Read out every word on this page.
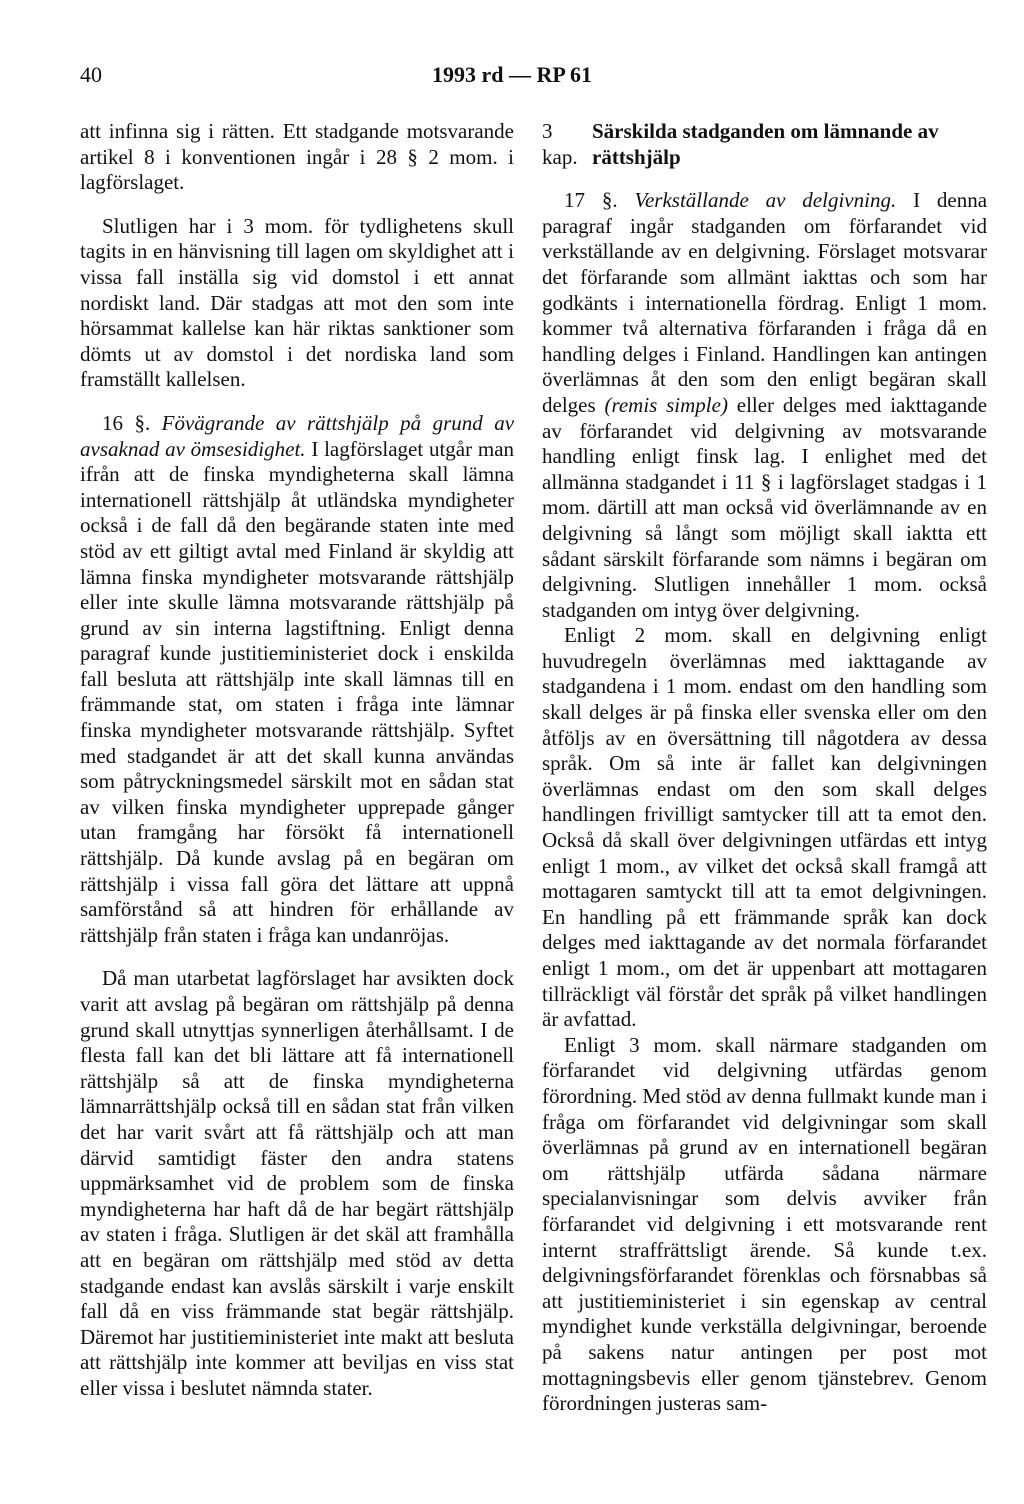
40	1993 rd — RP 61

att infinna sig i rätten. Ett stadgande motsvarande artikel 8 i konventionen ingår i 28 § 2 mom. i lagförslaget.

Slutligen har i 3 mom. för tydlighetens skull tagits in en hänvisning till lagen om skyldighet att i vissa fall inställa sig vid domstol i ett annat nordiskt land. Där stadgas att mot den som inte hörsammat kallelse kan här riktas sanktioner som dömts ut av domstol i det nordiska land som framställt kallelsen.

16 §. Fövägrande av rättshjälp på grund av avsaknad av ömsesidighet. I lagförslaget utgår man ifrån att de finska myndigheterna skall lämna internationell rättshjälp åt utländska myndigheter också i de fall då den begärande staten inte med stöd av ett giltigt avtal med Finland är skyldig att lämna finska myndigheter motsvarande rättshjälp eller inte skulle lämna motsvarande rättshjälp på grund av sin interna lagstiftning. Enligt denna paragraf kunde justitieministeriet dock i enskilda fall besluta att rättshjälp inte skall lämnas till en främmande stat, om staten i fråga inte lämnar finska myndigheter motsvarande rättshjälp. Syftet med stadgandet är att det skall kunna användas som påtryckningsmedel särskilt mot en sådan stat av vilken finska myndigheter upprepade gånger utan framgång har försökt få internationell rättshjälp. Då kunde avslag på en begäran om rättshjälp i vissa fall göra det lättare att uppnå samförstånd så att hindren för erhållande av rättshjälp från staten i fråga kan undanröjas.

Då man utarbetat lagförslaget har avsikten dock varit att avslag på begäran om rättshjälp på denna grund skall utnyttjas synnerligen återhållsamt. I de flesta fall kan det bli lättare att få internationell rättshjälp så att de finska myndigheterna lämnarrättshjälp också till en sådan stat från vilken det har varit svårt att få rättshjälp och att man därvid samtidigt fäster den andra statens uppmärksamhet vid de problem som de finska myndigheterna har haft då de har begärt rättshjälp av staten i fråga. Slutligen är det skäl att framhålla att en begäran om rättshjälp med stöd av detta stadgande endast kan avslås särskilt i varje enskilt fall då en viss främmande stat begär rättshjälp. Däremot har justitieministeriet inte makt att besluta att rättshjälp inte kommer att beviljas en viss stat eller vissa i beslutet nämnda stater.

3 kap.
Särskilda stadganden om lämnande av rättshjälp

17 §. Verkställande av delgivning. I denna paragraf ingår stadganden om förfarandet vid verkställande av en delgivning. Förslaget motsvarar det förfarande som allmänt iakttas och som har godkänts i internationella fördrag. Enligt 1 mom. kommer två alternativa förfaranden i fråga då en handling delges i Finland. Handlingen kan antingen överlämnas åt den som den enligt begäran skall delges (remis simple) eller delges med iakttagande av förfarandet vid delgivning av motsvarande handling enligt finsk lag. I enlighet med det allmänna stadgandet i 11 § i lagförslaget stadgas i 1 mom. därtill att man också vid överlämnande av en delgivning så långt som möjligt skall iaktta ett sådant särskilt förfarande som nämns i begäran om delgivning. Slutligen innehåller 1 mom. också stadganden om intyg över delgivning.

Enligt 2 mom. skall en delgivning enligt huvudregeln överlämnas med iakttagande av stadgandena i 1 mom. endast om den handling som skall delges är på finska eller svenska eller om den åtföljs av en översättning till någotdera av dessa språk. Om så inte är fallet kan delgivningen överlämnas endast om den som skall delges handlingen frivilligt samtycker till att ta emot den. Också då skall över delgivningen utfärdas ett intyg enligt 1 mom., av vilket det också skall framgå att mottagaren samtyckt till att ta emot delgivningen. En handling på ett främmande språk kan dock delges med iakttagande av det normala förfarandet enligt 1 mom., om det är uppenbart att mottagaren tillräckligt väl förstår det språk på vilket handlingen är avfattad.

Enligt 3 mom. skall närmare stadganden om förfarandet vid delgivning utfärdas genom förordning. Med stöd av denna fullmakt kunde man i fråga om förfarandet vid delgivningar som skall överlämnas på grund av en internationell begäran om rättshjälp utfärda sådana närmare specialanvisningar som delvis avviker från förfarandet vid delgivning i ett motsvarande rent internt straffrättsligt ärende. Så kunde t.ex. delgivningsförfarandet förenklas och försnabbas så att justitieministeriet i sin egenskap av central myndighet kunde verkställa delgivningar, beroende på sakens natur antingen per post mot mottagningsbevis eller genom tjänstebrev. Genom förordningen justeras sam-
